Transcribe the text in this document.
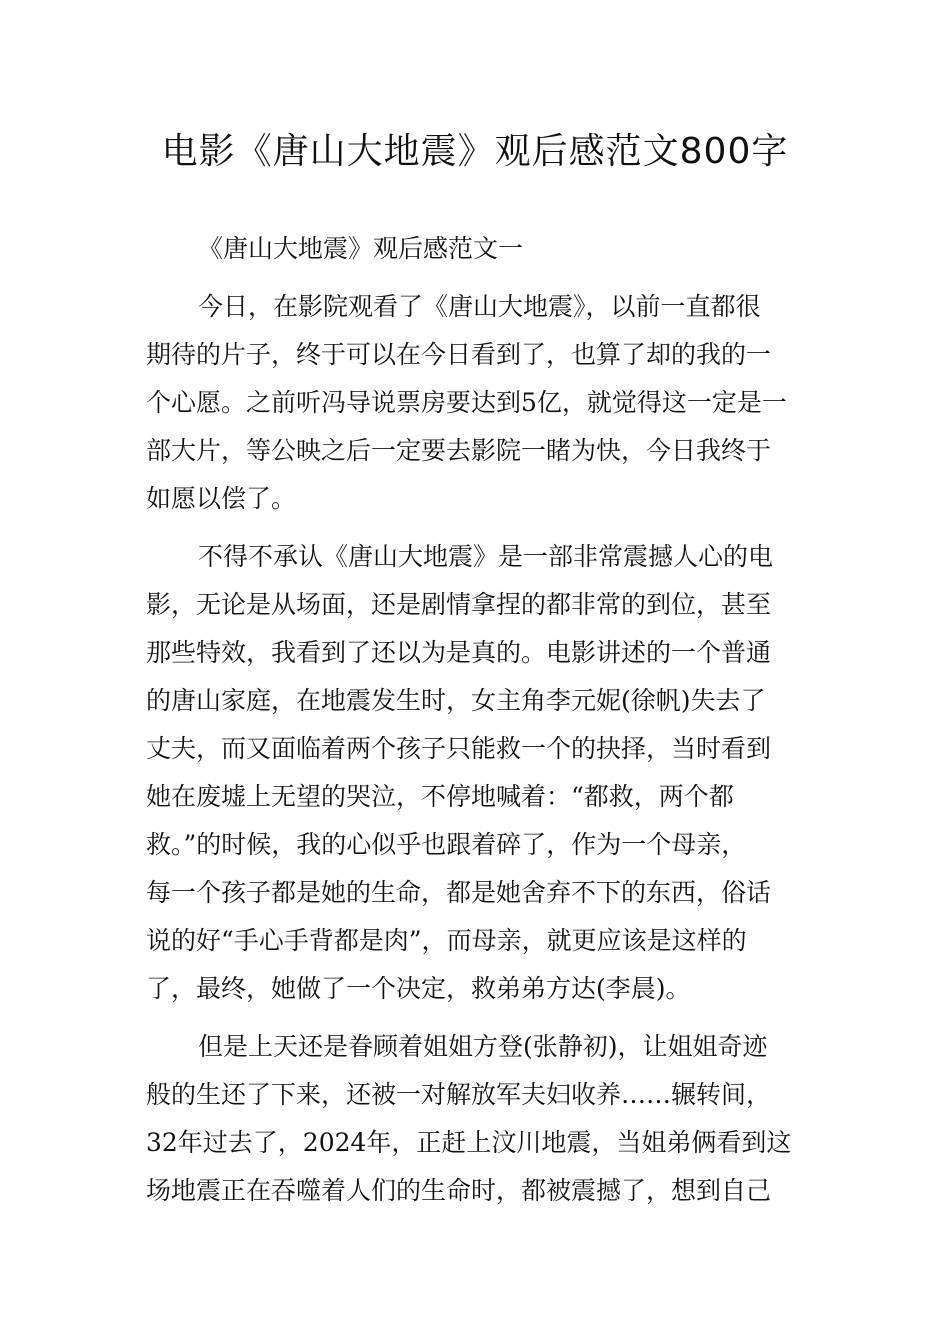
电影《唐山大地震》观后感范文800字

《唐山大地震》观后感范文一

今日，在影院观看了《唐山大地震》，以前一直都很
期待的片子，终于可以在今日看到了，也算了却的我的一
个心愿。之前听冯导说票房要达到5亿，就觉得这一定是一
部大片，等公映之后一定要去影院一睹为快，今日我终于
如愿以偿了。

不得不承认《唐山大地震》是一部非常震撼人心的电
影，无论是从场面，还是剧情拿捏的都非常的到位，甚至
那些特效，我看到了还以为是真的。电影讲述的一个普通
的唐山家庭，在地震发生时，女主角李元妮(徐帆)失去了
丈夫，而又面临着两个孩子只能救一个的抉择，当时看到
她在废墟上无望的哭泣，不停地喊着：“都救，两个都
救。”的时候，我的心似乎也跟着碎了，作为一个母亲，
每一个孩子都是她的生命，都是她舍弃不下的东西，俗话
说的好“手心手背都是肉”，而母亲，就更应该是这样的
了，最终，她做了一个决定，救弟弟方达(李晨)。

但是上天还是眷顾着姐姐方登(张静初)，让姐姐奇迹
般的生还了下来，还被一对解放军夫妇收养……辗转间，
32年过去了，2024年，正赶上汶川地震，当姐弟俩看到这
场地震正在吞噬着人们的生命时，都被震撼了，想到自己
